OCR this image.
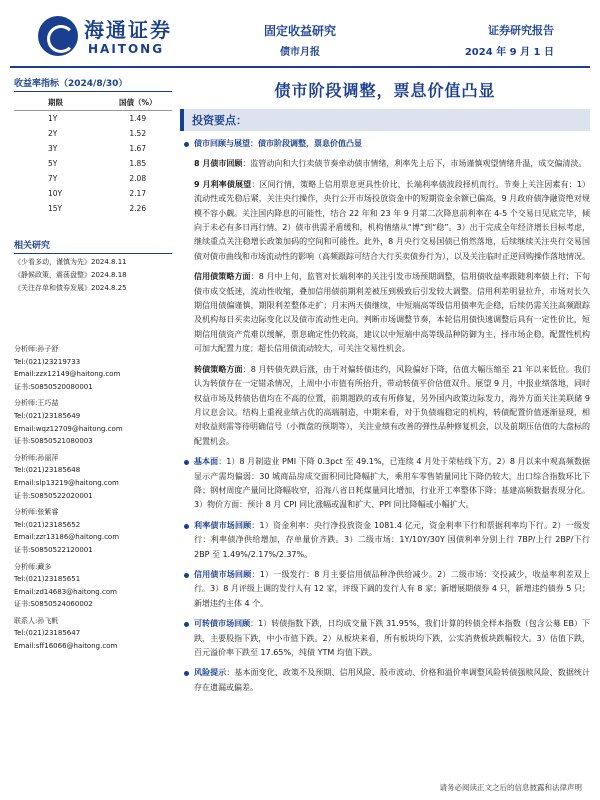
海通证券
HAITONG
固定收益研究
债市月报
证券研究报告
2024 年 9 月 1 日
收益率指标（2024/8/30）
期限	国债（%）
1Y	1.49
2Y	1.52
3Y	1.67
5Y	1.85
7Y	2.08
10Y	2.17
15Y	2.26
相关研究
《少看多动，谨慎为先》2024.8.11
《静候政策，震荡盘整》2024.8.18
《关注存单和债券发展》2024.8.25
分析师:孙子舒
Tel:(021)23219733
Email:zzx12149@haitong.com
证书:S0850520080001
分析师:王巧喆
Tel:(021)23185649
Email:wqz12709@haitong.com
证书:S0850521080003
分析师:孙丽萍
Tel:(021)23185648
Email:slp13219@haitong.com
证书:S0850522020001
分析师:张紫睿
Tel:(021)23185652
Email:zzr13186@haitong.com
证书:S0850522120001
分析师:藏多
Tel:(021)23185651
Email:zd14683@haitong.com
证书:S0850524060002
联系人:孙飞帆
Tel:(021)23185647
Email:sff16066@haitong.com
债市阶段调整，票息价值凸显
投资要点：
债市回顾与展望：债市阶段调整，票息价值凸显
8 月债市回顾：监管动向和大行卖债节奏牵动债市情绪，利率先上后下，市场谨慎观望情绪升温，成交偏清淡。
9 月利率债展望：区间行情，策略上信用票息更具性价比，长端利率债波段择机而行。节奏上关注因素有：1）流动性或先稳后紧，关注央行操作，央行公开市场投放资金中的短期资金余额已偏高，9 月政府债净融资绝对规模不容小觑。关注国内降息的可能性，结合 22 年和 23 年 9 月第二次降息前利率在 4-5 个交易日见底完毕，倾向于未必有多日再行情。2）债市供需矛盾缓和，机构情绪从“博”到“稳”。3）出于完成全年经济增长目标考虑，继续重点关注稳增长政策加码的空间和可能性。此外，8 月央行交易国债已悄然落地，后续继续关注央行交易国债对债市曲线和市场流动性的影响（高频跟踪可结合大行买卖债券行为），以及关注临时正逆回购操作落地情况。
信用债策略方面：8 月中上旬，监管对长端利率的关注引发市场预期调整，信用债收益率跟随利率债上行；下旬债市成交低迷，流动性收缩，叠加信用债前期利差被压到极致后引发较大调整。信用利差明显拉升，市场对长久期信用债偏谨慎，期限利差整体走扩；月末两天债继续，中短端高等级信用债率先企稳，后续仍需关注高频跟踪及机构每日买卖边际变化以及债市流动性走向。判断市场调整节奏，本轮信用债快速调整后具有一定性价比，短期信用债资产荒难以缓解，票息确定性仍较高，建议以中短端中高等级品种防御为主，择市场企稳，配置性机构可加大配置力度；超长信用债流动较大，可关注交易性机会。
转债策略方面：8 月转债先跌后涨，由于对偏转债违约，风险偏好下降，估值大幅压缩至 21 年以来低位。我们认为转债存在一定错杀情况，上周中小市值有所抬升，带动转债平价估值双升。展望 9 月，中报业绩落地，同时权益市场及转债估值均在不高的位置，前期超跌的或有所修复，另外国内政策边际发力，海外方面关注美联储 9 月议息会议。结构上重视业绩占优的高端制造，中期来看，对于负债端稳定的机构，转债配置价值逐渐显现，相对收益则需等待明确信号（小微盘的预期等），关注业绩有改善的弹性品种修复机会，以及前期压估值的大盘标的配置机会。
基本面：1）8 月制造业 PMI 下降 0.3pct 至 49.1%，已连续 4 月处于荣枯线下方。2）8 月以来中观高频数据显示产需均偏弱：30 城商品房成交面积同比降幅扩大，乘用车零售销量同比下降仍较大，出口综合指数环比下降；钢材周度产量同比降幅收窄，沿海八省日耗煤量同比增加，行业开工率整体下降；基建高频数据表现分化。3）物价方面：预计 8 月 CPI 同比涨幅或温和扩大、PPI 同比降幅或小幅扩大。
利率债市场回顾：1）资金利率：央行净投放资金 1081.4 亿元，资金利率下行和票据利率均下行。2）一级发行：利率债净供给增加，存单量价齐跌。3）二级市场：1Y/10Y/30Y 国债利率分别上行 7BP/上行 2BP/下行 2BP 至 1.49%/2.17%/2.37%。
信用债市场回顾：1）一级发行：8 月主要信用债品种净供给减少。2）二级市场：交投减少，收益率利差双上行。3）8 月评级上调的发行人有 12 家，评级下调的发行人有 8 家；新增展期债券 4 只，新增违约债券 5 只；新增违约主体 4 个。
可转债市场回顾：1）转债指数下跌，日均成交量下跌 31.95%，我们计算的转债全样本指数（包含公募 EB）下跌，主要股指下跌，中小市值下跌。2）从板块来看，所有板块均下跌，公实消费板块跌幅较大。3）估值下跌，百元溢价率下跌至 17.65%，纯债 YTM 均值下跌。
风险提示：基本面变化、政策不及预期、信用风险、股市波动、价格和溢价率调整风险转债强赎风险、数据统计存在遗漏或偏差。
请务必阅读正文之后的信息披露和法律声明
